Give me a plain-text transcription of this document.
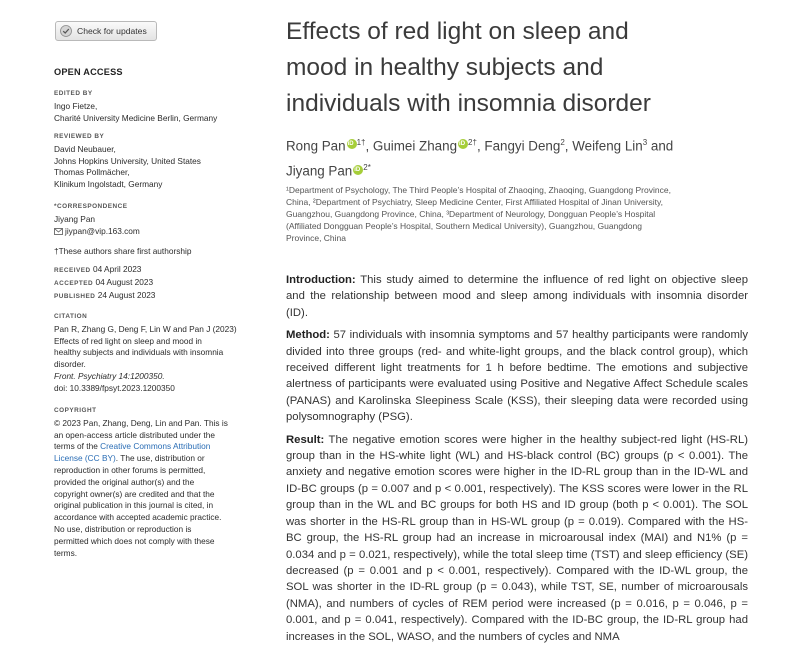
Check for updates
OPEN ACCESS
EDITED BY
Ingo Fietze,
Charité University Medicine Berlin, Germany
REVIEWED BY
David Neubauer,
Johns Hopkins University, United States
Thomas Pollmächer,
Klinikum Ingolstadt, Germany
*CORRESPONDENCE
Jiyang Pan
jiypan@vip.163.com
†These authors share first authorship
RECEIVED 04 April 2023
ACCEPTED 04 August 2023
PUBLISHED 24 August 2023
CITATION
Pan R, Zhang G, Deng F, Lin W and Pan J (2023)
Effects of red light on sleep and mood in
healthy subjects and individuals with insomnia
disorder.
Front. Psychiatry 14:1200350.
doi: 10.3389/fpsyt.2023.1200350
COPYRIGHT
© 2023 Pan, Zhang, Deng, Lin and Pan. This is
an open-access article distributed under the
terms of the Creative Commons Attribution
License (CC BY). The use, distribution or
reproduction in other forums is permitted,
provided the original author(s) and the
copyright owner(s) are credited and that the
original publication in this journal is cited, in
accordance with accepted academic practice.
No use, distribution or reproduction is
permitted which does not comply with these
terms.
Effects of red light on sleep and
mood in healthy subjects and
individuals with insomnia disorder
Rong Pan iD $^{1\dagger}$, Guimei Zhang iD $^{2\dagger}$, Fangyi Deng$^2$, Weifeng Lin$^3$ and
Jiyang Pan iD $^{2*}$
¹Department of Psychology, The Third People’s Hospital of Zhaoqing, Zhaoqing, Guangdong Province,
China, ²Department of Psychiatry, Sleep Medicine Center, First Affiliated Hospital of Jinan University,
Guangzhou, Guangdong Province, China, ³Department of Neurology, Dongguan People’s Hospital
(Affiliated Dongguan People’s Hospital, Southern Medical University), Guangzhou, Guangdong
Province, China

Introduction: This study aimed to determine the influence of red light on objective sleep and the relationship between mood and sleep among individuals with insomnia disorder (ID).

Method: 57 individuals with insomnia symptoms and 57 healthy participants were randomly divided into three groups (red- and white-light groups, and the black control group), which received different light treatments for 1 h before bedtime. The emotions and subjective alertness of participants were evaluated using Positive and Negative Affect Schedule scales (PANAS) and Karolinska Sleepiness Scale (KSS), their sleeping data were recorded using polysomnography (PSG).

Result: The negative emotion scores were higher in the healthy subject-red light (HS-RL) group than in the HS-white light (WL) and HS-black control (BC) groups (p < 0.001). The anxiety and negative emotion scores were higher in the ID-RL group than in the ID-WL and ID-BC groups (p = 0.007 and p < 0.001, respectively). The KSS scores were lower in the RL group than in the WL and BC groups for both HS and ID group (both p < 0.001). The SOL was shorter in the HS-RL group than in HS-WL group (p = 0.019). Compared with the HS-BC group, the HS-RL group had an increase in microarousal index (MAI) and N1% (p = 0.034 and p = 0.021, respectively), while the total sleep time (TST) and sleep efficiency (SE) decreased (p = 0.001 and p < 0.001, respectively). Compared with the ID-WL group, the SOL was shorter in the ID-RL group (p = 0.043), while TST, SE, number of microarousals (NMA), and numbers of cycles of REM period were increased (p = 0.016, p = 0.046, p = 0.001, and p = 0.041, respectively). Compared with the ID-BC group, the ID-RL group had increases in the SOL, WASO, and the numbers of cycles and NMA
